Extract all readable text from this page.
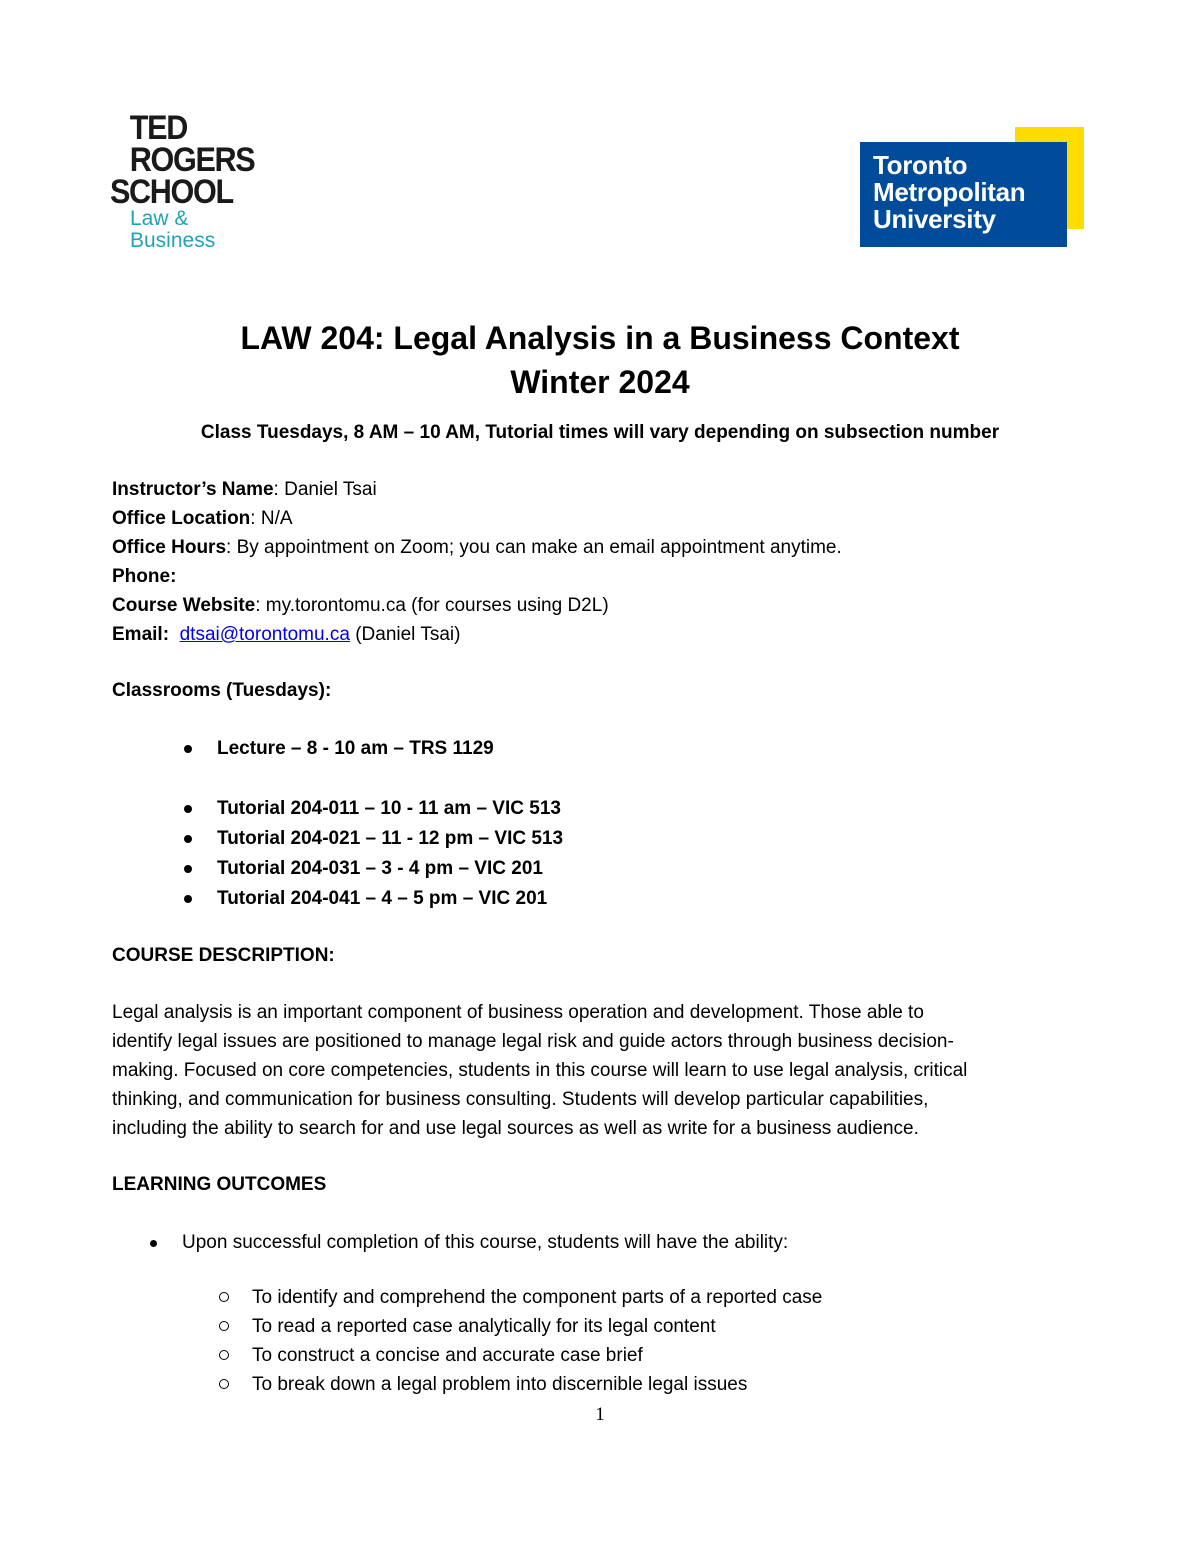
TED
ROGERS
SCHOOL
Law &
Business
Toronto
Metropolitan
University
LAW 204: Legal Analysis in a Business Context
Winter 2024
Class Tuesdays, 8 AM – 10 AM, Tutorial times will vary depending on subsection number
Instructor’s Name: Daniel Tsai
Office Location: N/A
Office Hours: By appointment on Zoom; you can make an email appointment anytime.
Phone:
Course Website: my.torontomu.ca (for courses using D2L)
Email:  dtsai@torontomu.ca (Daniel Tsai)
Classrooms (Tuesdays):
Lecture – 8 - 10 am – TRS 1129
Tutorial 204-011 – 10 - 11 am – VIC 513
Tutorial 204-021 – 11 - 12 pm – VIC 513
Tutorial 204-031 – 3 - 4 pm – VIC 201
Tutorial 204-041 – 4 – 5 pm – VIC 201
COURSE DESCRIPTION:
Legal analysis is an important component of business operation and development. Those able to
identify legal issues are positioned to manage legal risk and guide actors through business decision-
making. Focused on core competencies, students in this course will learn to use legal analysis, critical
thinking, and communication for business consulting. Students will develop particular capabilities,
including the ability to search for and use legal sources as well as write for a business audience.
LEARNING OUTCOMES
Upon successful completion of this course, students will have the ability:
To identify and comprehend the component parts of a reported case
To read a reported case analytically for its legal content
To construct a concise and accurate case brief
To break down a legal problem into discernible legal issues
1
